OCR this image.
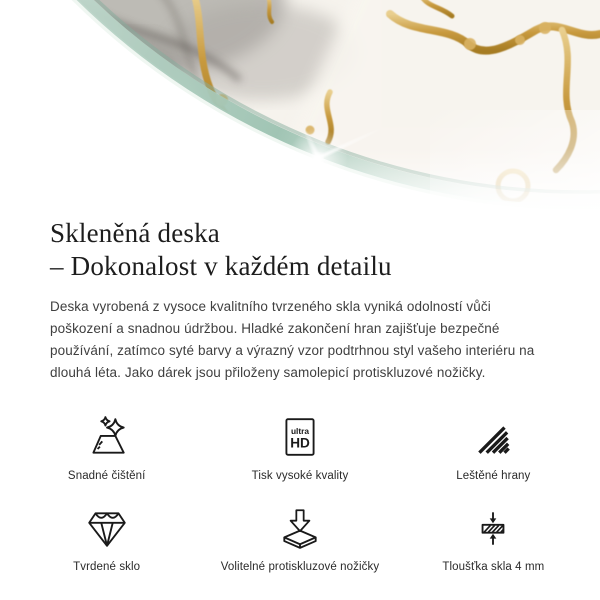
Skleněná deska
– Dokonalost v každém detailu

Deska vyrobená z vysoce kvalitního tvrzeného skla vyniká odolností vůči poškození a snadnou údržbou. Hladké zakončení hran zajišťuje bezpečné používání, zatímco syté barvy a výrazný vzor podtrhnou styl vašeho interiéru na dlouhá léta. Jako dárek jsou přiloženy samolepicí protiskluzové nožičky.

Snadné čištění
ultra
HD
Tisk vysoké kvality	Leštěné hrany
Tvrdené sklo	Volitelné protiskluzové nožičky	Tloušťka skla 4 mm
